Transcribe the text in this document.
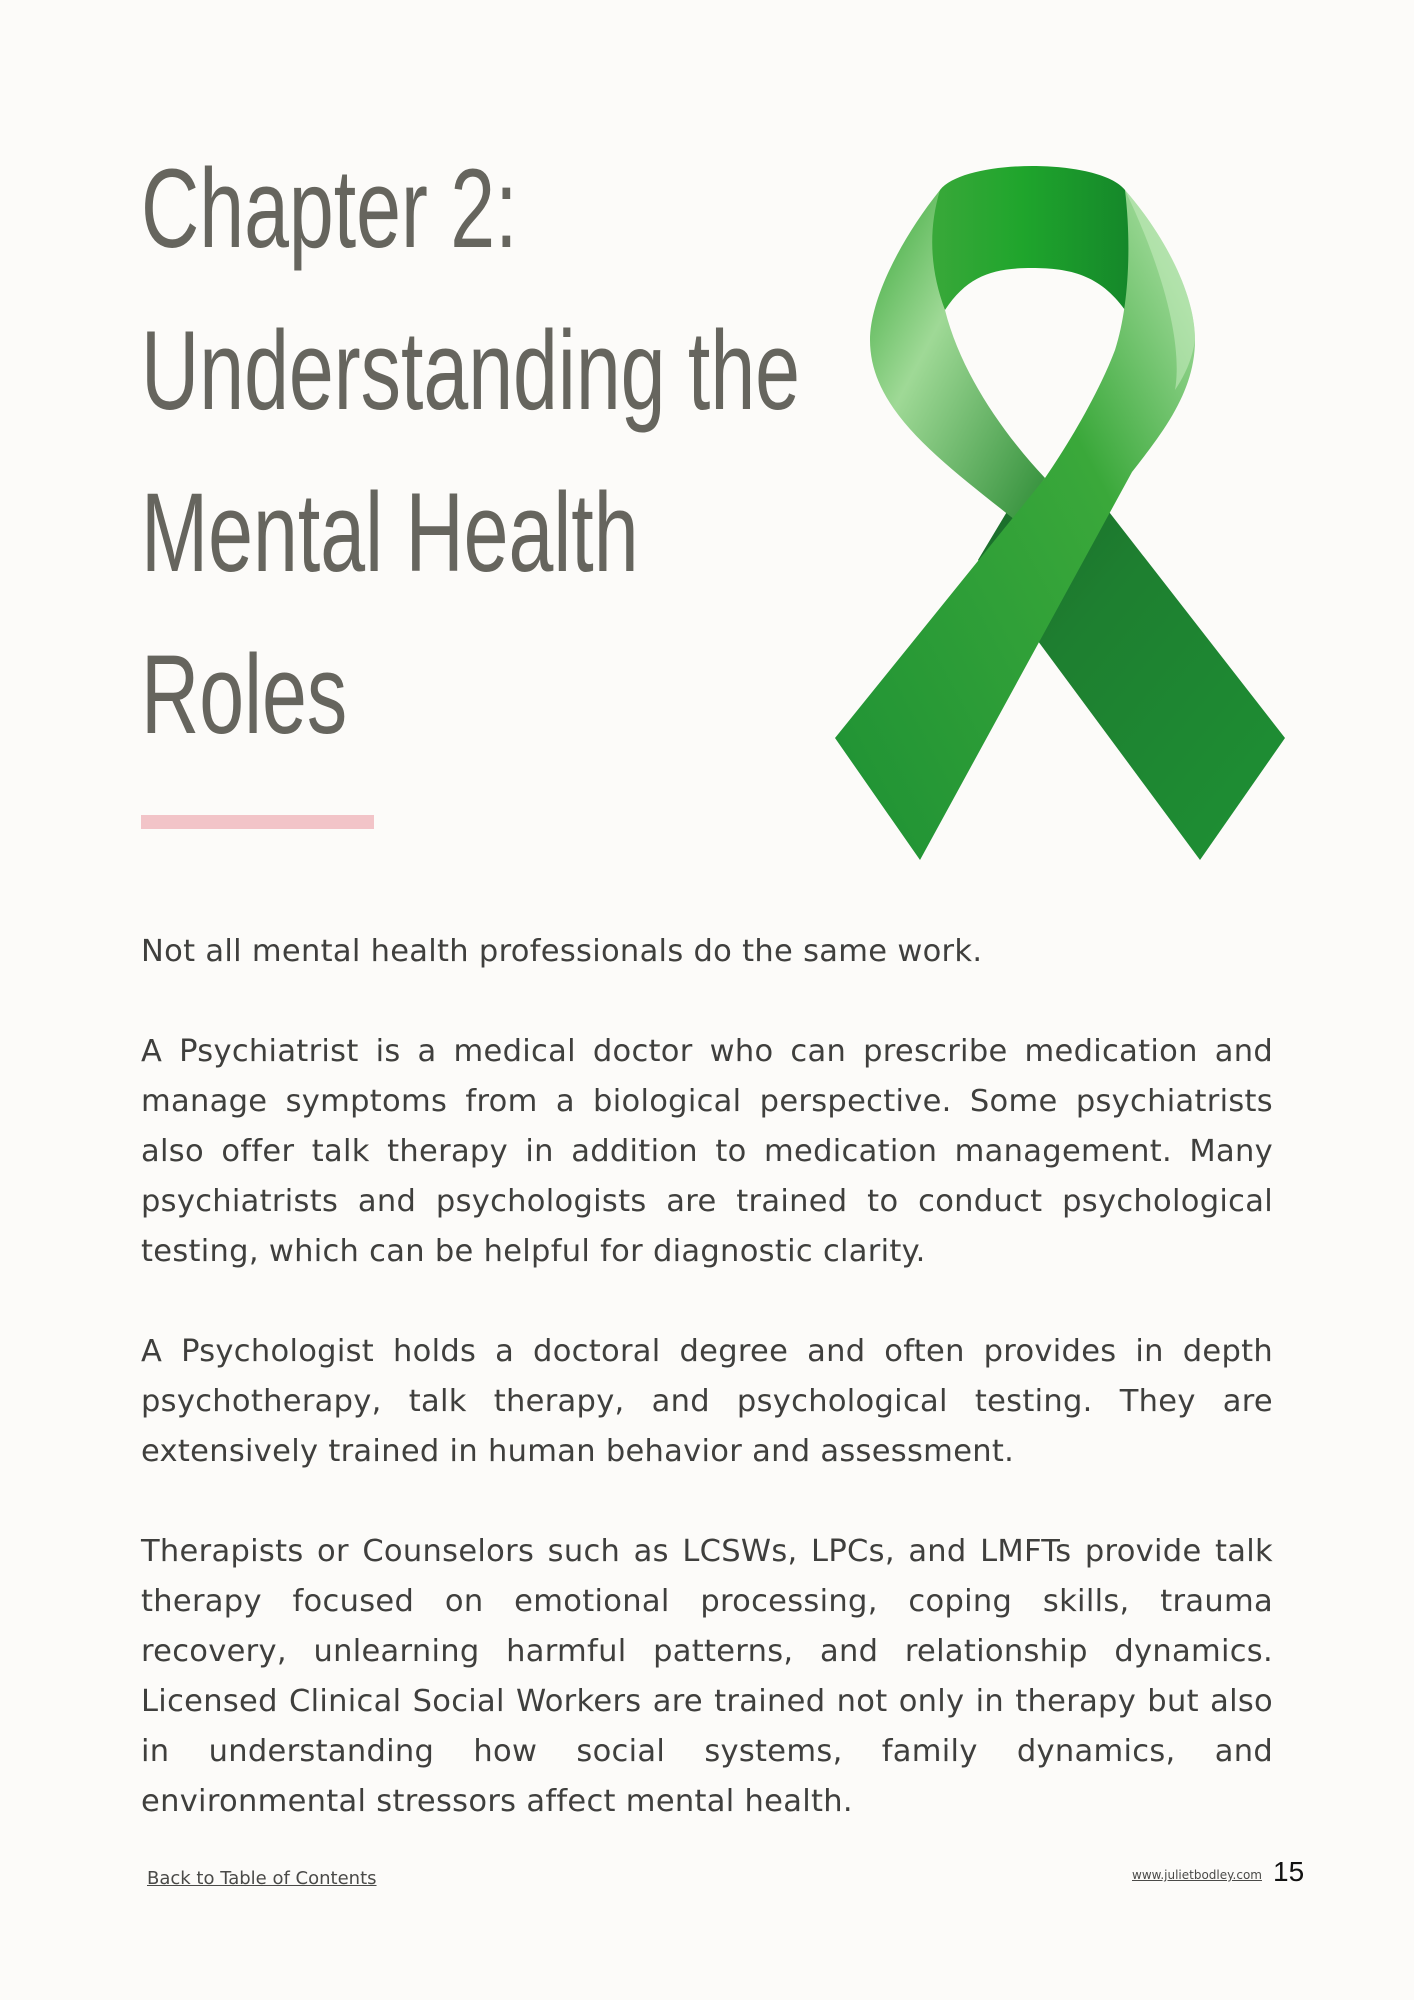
Chapter 2:
Understanding the
Mental Health
Roles

Not all mental health professionals do the same work.

A Psychiatrist is a medical doctor who can prescribe medication and manage symptoms from a biological perspective. Some psychiatrists also offer talk therapy in addition to medication management. Many psychiatrists and psychologists are trained to conduct psychological testing, which can be helpful for diagnostic clarity.

A Psychologist holds a doctoral degree and often provides in depth psychotherapy, talk therapy, and psychological testing. They are extensively trained in human behavior and assessment.

Therapists or Counselors such as LCSWs, LPCs, and LMFTs provide talk therapy focused on emotional processing, coping skills, trauma recovery, unlearning harmful patterns, and relationship dynamics. Licensed Clinical Social Workers are trained not only in therapy but also in understanding how social systems, family dynamics, and environmental stressors affect mental health.

Back to Table of Contents	www.julietbodley.com 15
